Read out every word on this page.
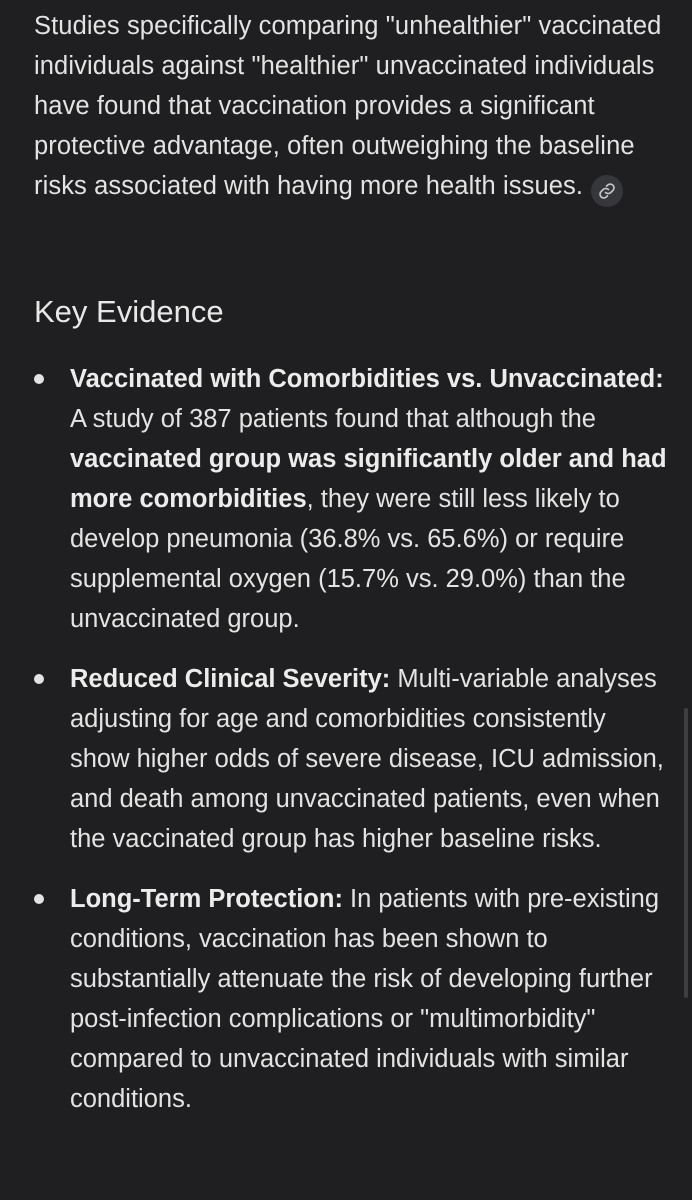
Studies specifically comparing "unhealthier" vaccinated individuals against "healthier" unvaccinated individuals have found that vaccination provides a significant protective advantage, often outweighing the baseline risks associated with having more health issues.

Key Evidence
Vaccinated with Comorbidities vs. Unvaccinated: A study of 387 patients found that although the vaccinated group was significantly older and had more comorbidities, they were still less likely to develop pneumonia (36.8% vs. 65.6%) or require supplemental oxygen (15.7% vs. 29.0%) than the unvaccinated group.
Reduced Clinical Severity: Multi-variable analyses adjusting for age and comorbidities consistently show higher odds of severe disease, ICU admission, and death among unvaccinated patients, even when the vaccinated group has higher baseline risks.
Long-Term Protection: In patients with pre-existing conditions, vaccination has been shown to substantially attenuate the risk of developing further post-infection complications or "multimorbidity" compared to unvaccinated individuals with similar conditions.
